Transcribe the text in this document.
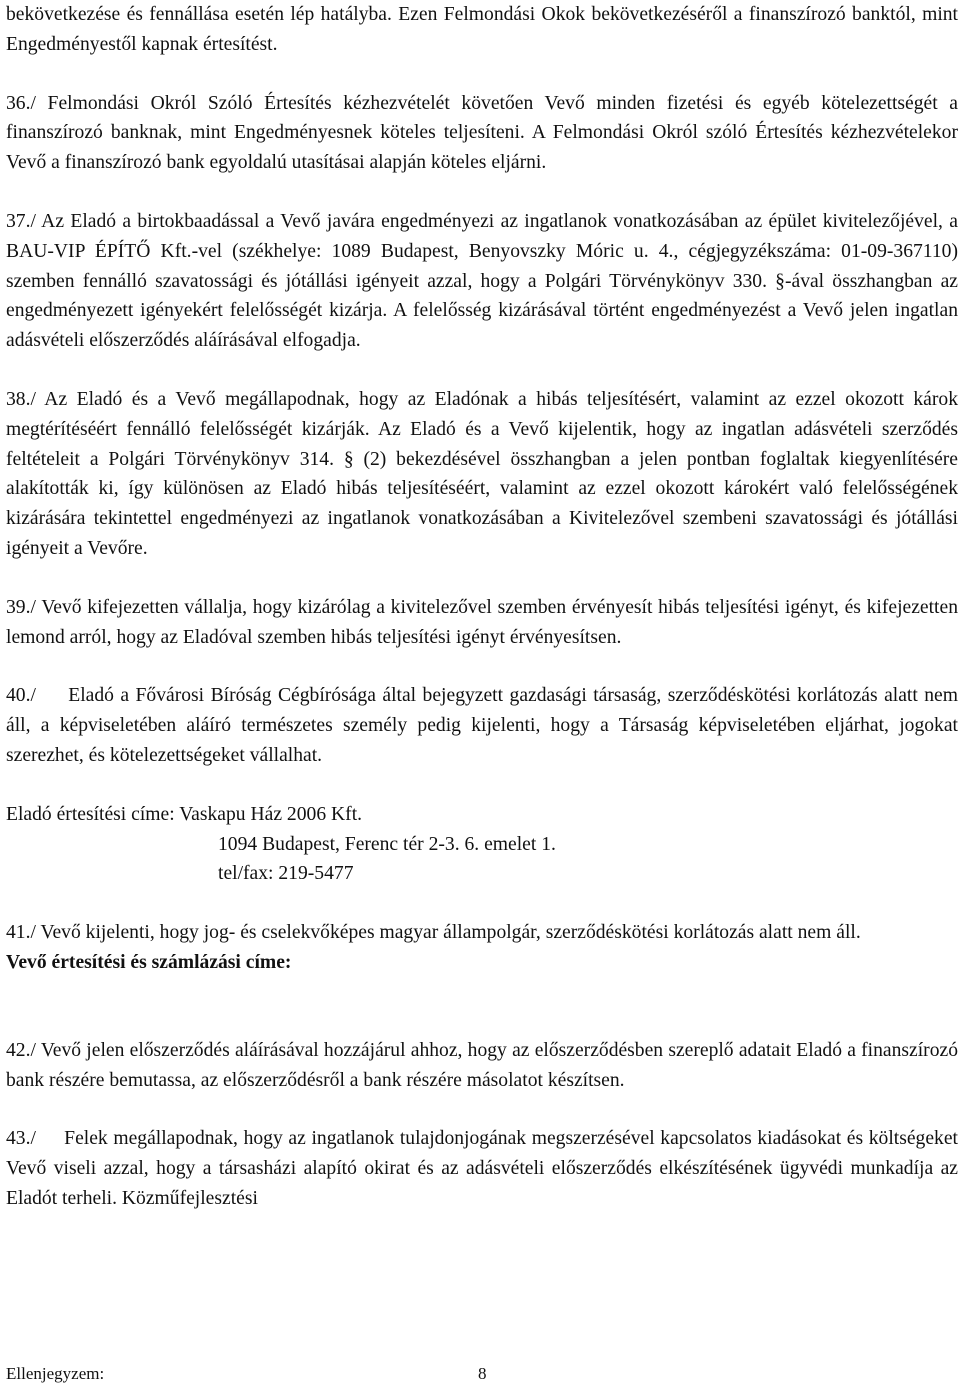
bekövetkezése és fennállása esetén lép hatályba. Ezen Felmondási Okok bekövetkezéséről a finanszírozó banktól, mint Engedményestől kapnak értesítést.

36./ Felmondási Okról Szóló Értesítés kézhezvételét követően Vevő minden fizetési és egyéb kötelezettségét a finanszírozó banknak, mint Engedményesnek köteles teljesíteni. A Felmondási Okról szóló Értesítés kézhezvételekor Vevő a finanszírozó bank egyoldalú utasításai alapján köteles eljárni.

37./ Az Eladó a birtokbaadással a Vevő javára engedményezi az ingatlanok vonatkozásában az épület kivitelezőjével, a BAU-VIP ÉPÍTŐ Kft.-vel (székhelye: 1089 Budapest, Benyovszky Móric u. 4., cégjegyzékszáma: 01-09-367110) szemben fennálló szavatossági és jótállási igényeit azzal, hogy a Polgári Törvénykönyv 330. §-ával összhangban az engedményezett igényekért felelősségét kizárja. A felelősség kizárásával történt engedményezést a Vevő jelen ingatlan adásvételi előszerződés aláírásával elfogadja.

38./ Az Eladó és a Vevő megállapodnak, hogy az Eladónak a hibás teljesítésért, valamint az ezzel okozott károk megtérítéséért fennálló felelősségét kizárják. Az Eladó és a Vevő kijelentik, hogy az ingatlan adásvételi szerződés feltételeit a Polgári Törvénykönyv 314. § (2) bekezdésével összhangban a jelen pontban foglaltak kiegyenlítésére alakították ki, így különösen az Eladó hibás teljesítéséért, valamint az ezzel okozott károkért való felelősségének kizárására tekintettel engedményezi az ingatlanok vonatkozásában a Kivitelezővel szembeni szavatossági és jótállási igényeit a Vevőre.

39./ Vevő kifejezetten vállalja, hogy kizárólag a kivitelezővel szemben érvényesít hibás teljesítési igényt, és kifejezetten lemond arról, hogy az Eladóval szemben hibás teljesítési igényt érvényesítsen.

40./     Eladó a Fővárosi Bíróság Cégbírósága által bejegyzett gazdasági társaság, szerződéskötési korlátozás alatt nem áll, a képviseletében aláíró természetes személy pedig kijelenti, hogy a Társaság képviseletében eljárhat, jogokat szerezhet, és kötelezettségeket vállalhat.

Eladó értesítési címe: Vaskapu Ház 2006 Kft.

1094 Budapest, Ferenc tér 2-3. 6. emelet 1.

tel/fax: 219-5477

41./ Vevő kijelenti, hogy jog- és cselekvőképes magyar állampolgár, szerződéskötési korlátozás alatt nem áll.

Vevő értesítési és számlázási címe:

42./ Vevő jelen előszerződés aláírásával hozzájárul ahhoz, hogy az előszerződésben szereplő adatait Eladó a finanszírozó bank részére bemutassa, az előszerződésről a bank részére másolatot készítsen.

43./     Felek megállapodnak, hogy az ingatlanok tulajdonjogának megszerzésével kapcsolatos kiadásokat és költségeket Vevő viseli azzal, hogy a társasházi alapító okirat és az adásvételi előszerződés elkészítésének ügyvédi munkadíja az Eladót terheli. Közműfejlesztési

Ellenjegyzem:	8
